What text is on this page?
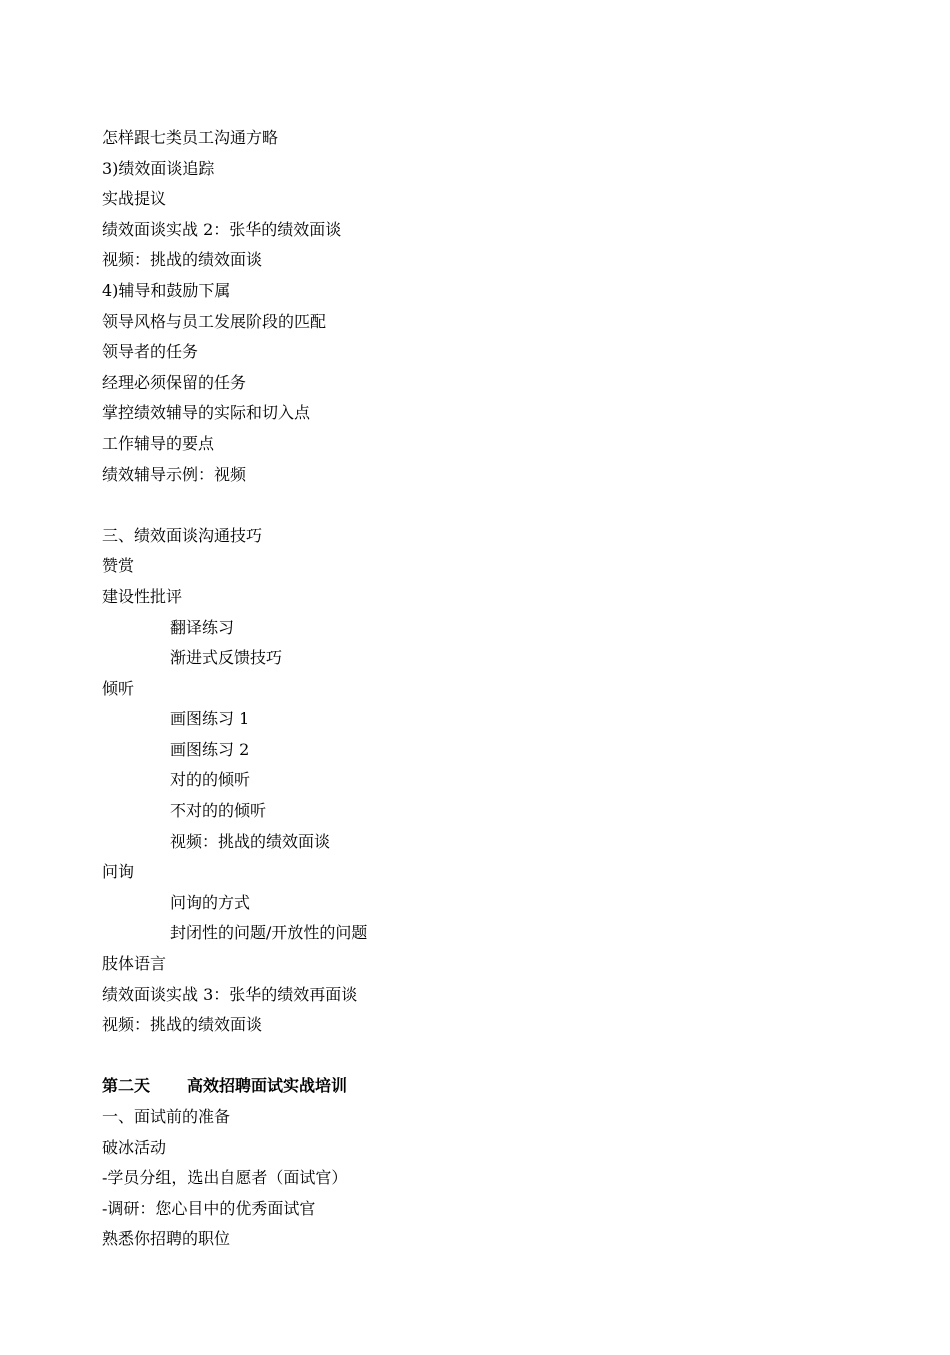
怎样跟七类员工沟通方略
3)绩效面谈追踪
实战提议
绩效面谈实战 2：张华的绩效面谈
视频：挑战的绩效面谈
4)辅导和鼓励下属
领导风格与员工发展阶段的匹配
领导者的任务
经理必须保留的任务
掌控绩效辅导的实际和切入点
工作辅导的要点
绩效辅导示例：视频
三、绩效面谈沟通技巧
赞赏
建设性批评
翻译练习
渐进式反馈技巧
倾听
画图练习 1
画图练习 2
对的的倾听
不对的的倾听
视频：挑战的绩效面谈
问询
问询的方式
封闭性的问题/开放性的问题
肢体语言
绩效面谈实战 3：张华的绩效再面谈
视频：挑战的绩效面谈
第二天 高效招聘面试实战培训
一、面试前的准备
破冰活动
-学员分组，选出自愿者（面试官）
-调研：您心目中的优秀面试官
熟悉你招聘的职位
